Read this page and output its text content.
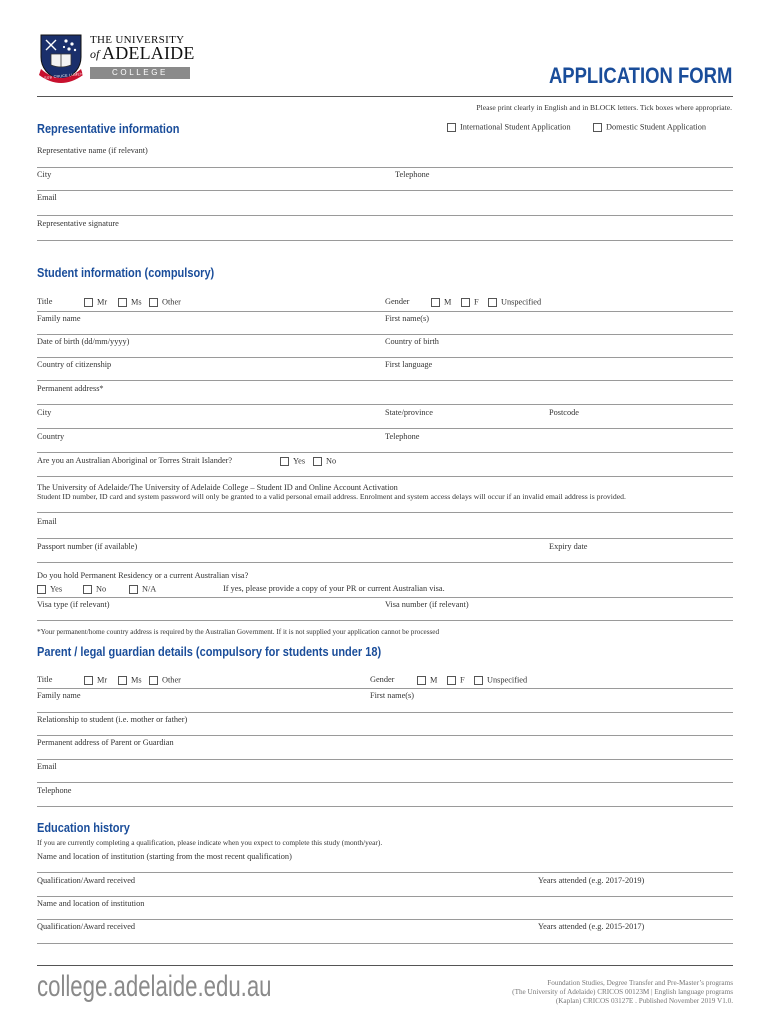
SUB CRUCE LUMEN
THE UNIVERSITY
of ADELAIDE
COLLEGE	APPLICATION FORM
Please print clearly in English and in BLOCK letters. Tick boxes where appropriate.
Representative information	International Student Application	Domestic Student Application
Representative name (if relevant)
City	Telephone
Email
Representative signature
Student information (compulsory)
Title	Mr	Ms	Other	Gender	M	F	Unspecified
Family name	First name(s)
Date of birth (dd/mm/yyyy)	Country of birth
Country of citizenship	First language
Permanent address*
City	State/province	Postcode
Country	Telephone
Are you an Australian Aboriginal or Torres Strait Islander?	Yes	No
The University of Adelaide/The University of Adelaide College – Student ID and Online Account Activation
Student ID number, ID card and system password will only be granted to a valid personal email address. Enrolment and system access delays will occur if an invalid email address is provided.
Email
Passport number (if available)	Expiry date
Do you hold Permanent Residency or a current Australian visa?
Yes	No	N/A	If yes, please provide a copy of your PR or current Australian visa.
Visa type (if relevant)	Visa number (if relevant)
*Your permanent/home country address is required by the Australian Government. If it is not supplied your application cannot be processed
Parent / legal guardian details (compulsory for students under 18)
Title	Mr	Ms	Other	Gender	M	F	Unspecified
Family name	First name(s)
Relationship to student (i.e. mother or father)
Permanent address of Parent or Guardian
Email
Telephone
Education history
If you are currently completing a qualification, please indicate when you expect to complete this study (month/year).
Name and location of institution (starting from the most recent qualification)
Qualification/Award received	Years attended (e.g. 2017-2019)
Name and location of institution
Qualification/Award received	Years attended (e.g. 2015-2017)
college.adelaide.edu.au	Foundation Studies, Degree Transfer and Pre-Master’s programs
(The University of Adelaide) CRICOS 00123M | English language programs
(Kaplan) CRICOS 03127E . Published November 2019 V1.0.
